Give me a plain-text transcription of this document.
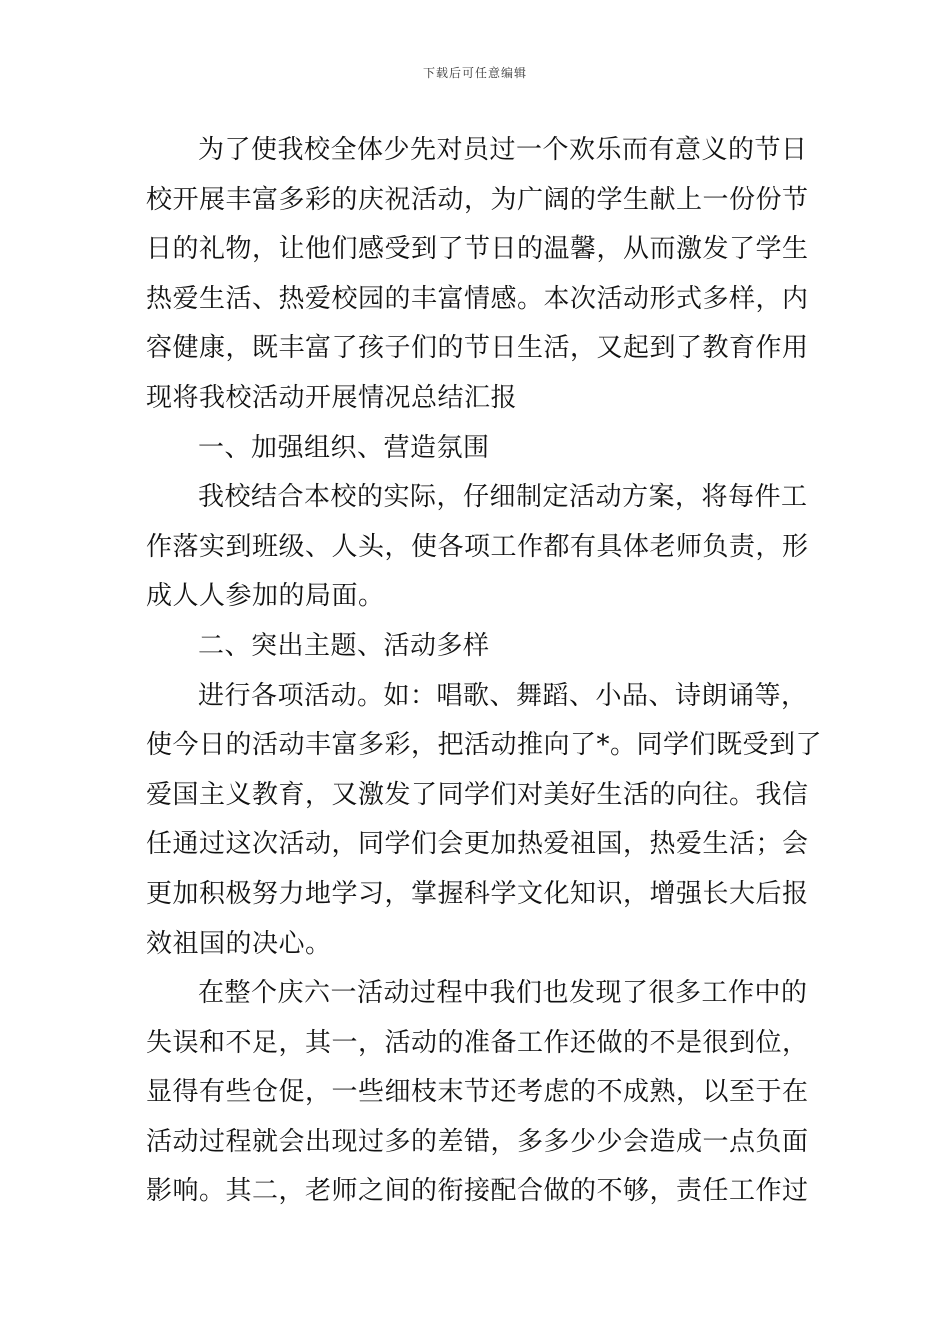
下载后可任意编辑
为了使我校全体少先对员过一个欢乐而有意义的节日
校开展丰富多彩的庆祝活动，为广阔的学生献上一份份节
日的礼物，让他们感受到了节日的温馨，从而激发了学生
热爱生活、热爱校园的丰富情感。本次活动形式多样，内
容健康，既丰富了孩子们的节日生活，又起到了教育作用
现将我校活动开展情况总结汇报
一、加强组织、营造氛围
我校结合本校的实际，仔细制定活动方案，将每件工
作落实到班级、人头，使各项工作都有具体老师负责，形
成人人参加的局面。
二、突出主题、活动多样
进行各项活动。如：唱歌、舞蹈、小品、诗朗诵等，
使今日的活动丰富多彩，把活动推向了*。同学们既受到了
爱国主义教育，又激发了同学们对美好生活的向往。我信
任通过这次活动，同学们会更加热爱祖国，热爱生活；会
更加积极努力地学习，掌握科学文化知识，增强长大后报
效祖国的决心。
在整个庆六一活动过程中我们也发现了很多工作中的
失误和不足，其一，活动的准备工作还做的不是很到位，
显得有些仓促，一些细枝末节还考虑的不成熟，以至于在
活动过程就会出现过多的差错，多多少少会造成一点负面
影响。其二，老师之间的衔接配合做的不够，责任工作过
